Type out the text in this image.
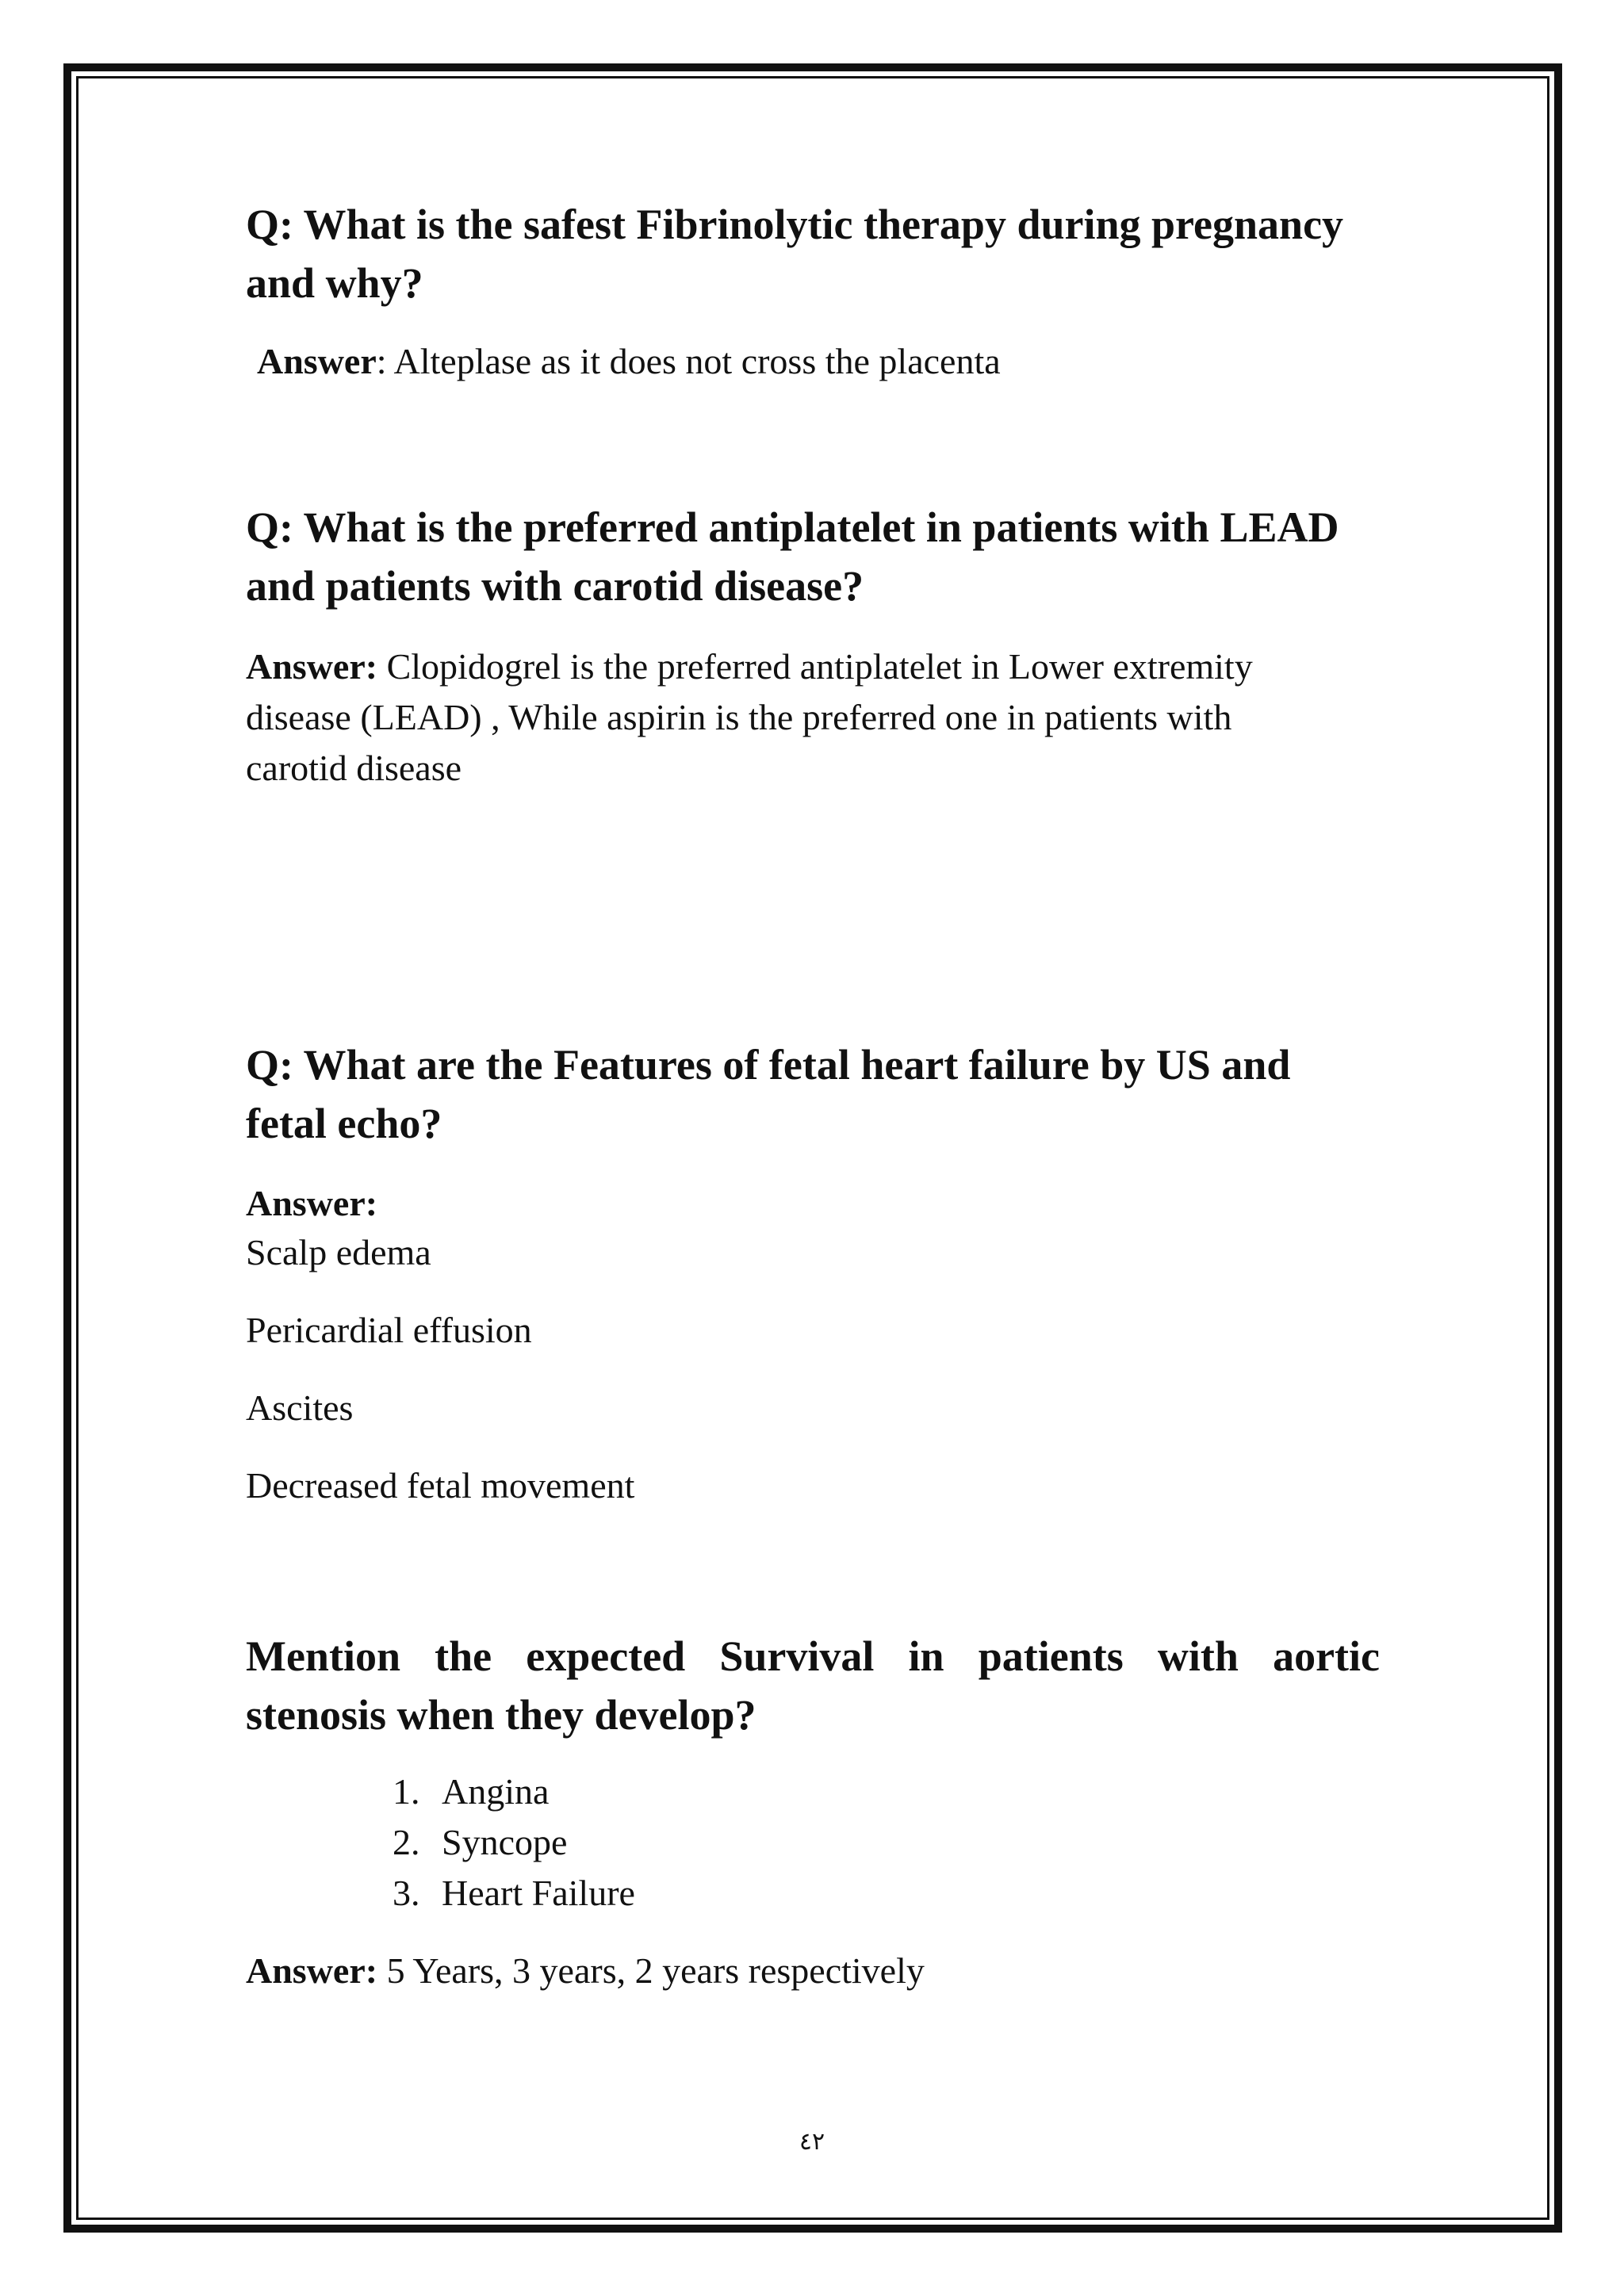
Q: What is the safest Fibrinolytic therapy during pregnancy and why?

Answer: Alteplase as it does not cross the placenta

Q: What is the preferred antiplatelet in patients with LEAD and patients with carotid disease?

Answer: Clopidogrel is the preferred antiplatelet in Lower extremity disease (LEAD) , While aspirin is the preferred one in patients with carotid disease

Q: What are the Features of fetal heart failure by US and fetal echo?

Answer:

Scalp edema

Pericardial effusion

Ascites

Decreased fetal movement

Mention the expected Survival in patients with aortic

stenosis when they develop?

1. Angina
2. Syncope
3. Heart Failure

Answer: 5 Years, 3 years, 2 years respectively

٤٢
